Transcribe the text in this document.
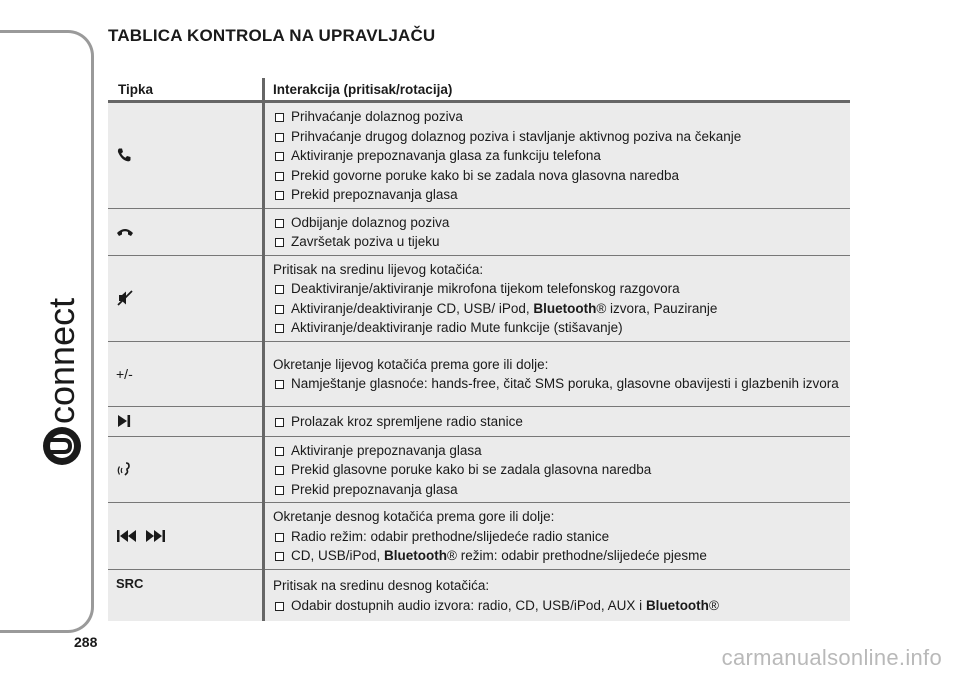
connect
TABLICA KONTROLA NA UPRAVLJAČU
Tipka	Interakcija (pritisak/rotacija)

Prihvaćanje dolaznog poziva
Prihvaćanje drugog dolaznog poziva i stavljanje aktivnog poziva na čekanje
Aktiviranje prepoznavanja glasa za funkciju telefona
Prekid govorne poruke kako bi se zadala nova glasovna naredba
Prekid prepoznavanja glasa

Odbijanje dolaznog poziva
Završetak poziva u tijeku

Pritisak na sredinu lijevog kotačića:
Deaktiviranje/aktiviranje mikrofona tijekom telefonskog razgovora
Aktiviranje/deaktiviranje CD, USB/ iPod, Bluetooth® izvora, Pauziranje
Aktiviranje/deaktiviranje radio Mute funkcije (stišavanje)

+/-	Okretanje lijevog kotačića prema gore ili dolje:
Namještanje glasnoće: hands-free, čitač SMS poruka, glasovne obavijesti i glazbenih izvora

Prolazak kroz spremljene radio stanice

Aktiviranje prepoznavanja glasa
Prekid glasovne poruke kako bi se zadala glasovna naredba
Prekid prepoznavanja glasa

Okretanje desnog kotačića prema gore ili dolje:
Radio režim: odabir prethodne/slijedeće radio stanice
CD, USB/iPod, Bluetooth® režim: odabir prethodne/slijedeće pjesme

SRC	Pritisak na sredinu desnog kotačića:
Odabir dostupnih audio izvora: radio, CD, USB/iPod, AUX i Bluetooth®
288
carmanualsonline.info
